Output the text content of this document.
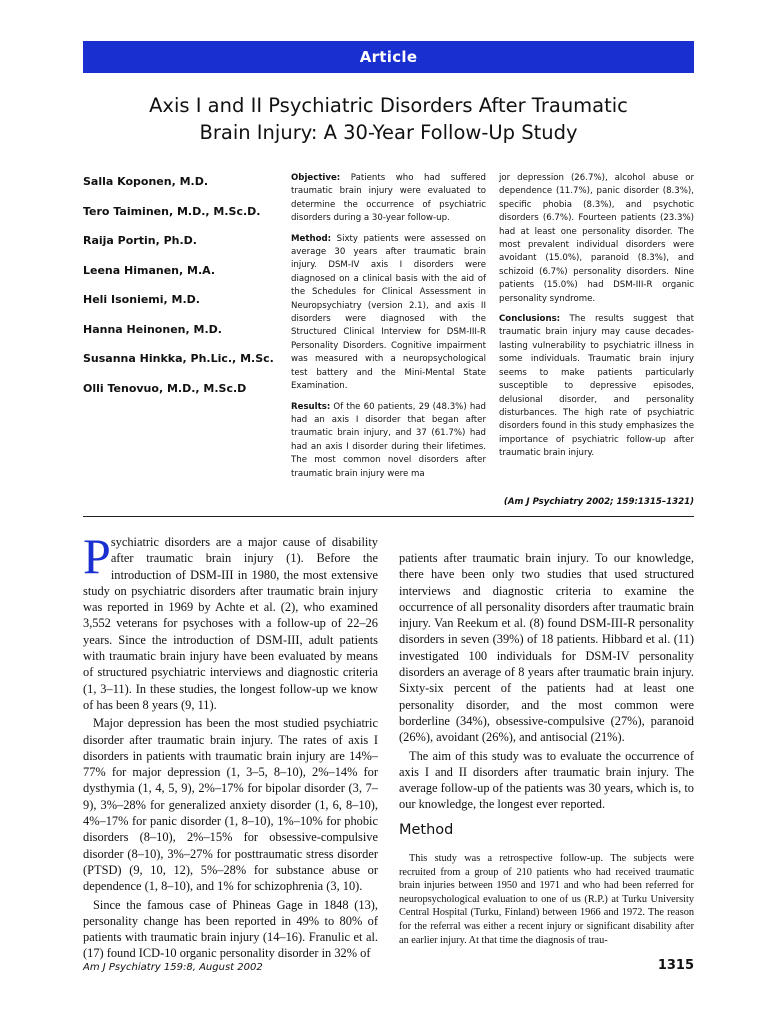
Article
Axis I and II Psychiatric Disorders After Traumatic
Brain Injury: A 30-Year Follow-Up Study
Salla Koponen, M.D.
Tero Taiminen, M.D., M.Sc.D.
Raija Portin, Ph.D.
Leena Himanen, M.A.
Heli Isoniemi, M.D.
Hanna Heinonen, M.D.
Susanna Hinkka, Ph.Lic., M.Sc.
Olli Tenovuo, M.D., M.Sc.D

Objective: Patients who had suffered traumatic brain injury were evaluated to determine the occurrence of psychiatric disorders during a 30-year follow-up.

Method: Sixty patients were assessed on average 30 years after traumatic brain injury. DSM-IV axis I disorders were diagnosed on a clinical basis with the aid of the Schedules for Clinical Assessment in Neuropsychiatry (version 2.1), and axis II disorders were diagnosed with the Structured Clinical Interview for DSM-III-R Personality Disorders. Cognitive impairment was measured with a neuropsychological test battery and the Mini-Mental State Examination.

Results: Of the 60 patients, 29 (48.3%) had had an axis I disorder that began after traumatic brain injury, and 37 (61.7%) had had an axis I disorder during their lifetimes. The most common novel disorders after traumatic brain injury were ma

jor depression (26.7%), alcohol abuse or dependence (11.7%), panic disorder (8.3%), specific phobia (8.3%), and psychotic disorders (6.7%). Fourteen patients (23.3%) had at least one personality disorder. The most prevalent individual disorders were avoidant (15.0%), paranoid (8.3%), and schizoid (6.7%) personality disorders. Nine patients (15.0%) had DSM-III-R organic personality syndrome.

Conclusions: The results suggest that traumatic brain injury may cause decades-lasting vulnerability to psychiatric illness in some individuals. Traumatic brain injury seems to make patients particularly susceptible to depressive episodes, delusional disorder, and personality disturbances. The high rate of psychiatric disorders found in this study emphasizes the importance of psychiatric follow-up after traumatic brain injury.

(Am J Psychiatry 2002; 159:1315–1321)

Psychiatric disorders are a major cause of disability after traumatic brain injury (1). Before the introduction of DSM-III in 1980, the most extensive study on psychiatric disorders after traumatic brain injury was reported in 1969 by Achte et al. (2), who examined 3,552 veterans for psychoses with a follow-up of 22–26 years. Since the introduction of DSM-III, adult patients with traumatic brain injury have been evaluated by means of structured psychiatric interviews and diagnostic criteria (1, 3–11). In these studies, the longest follow-up we know of has been 8 years (9, 11).

Major depression has been the most studied psychiatric disorder after traumatic brain injury. The rates of axis I disorders in patients with traumatic brain injury are 14%–77% for major depression (1, 3–5, 8–10), 2%–14% for dysthymia (1, 4, 5, 9), 2%–17% for bipolar disorder (3, 7–9), 3%–28% for generalized anxiety disorder (1, 6, 8–10), 4%–17% for panic disorder (1, 8–10), 1%–10% for phobic disorders (8–10), 2%–15% for obsessive-compulsive disorder (8–10), 3%–27% for posttraumatic stress disorder (PTSD) (9, 10, 12), 5%–28% for substance abuse or dependence (1, 8–10), and 1% for schizophrenia (3, 10).

Since the famous case of Phineas Gage in 1848 (13), personality change has been reported in 49% to 80% of patients with traumatic brain injury (14–16). Franulic et al. (17) found ICD-10 organic personality disorder in 32% of

patients after traumatic brain injury. To our knowledge, there have been only two studies that used structured interviews and diagnostic criteria to examine the occurrence of all personality disorders after traumatic brain injury. Van Reekum et al. (8) found DSM-III-R personality disorders in seven (39%) of 18 patients. Hibbard et al. (11) investigated 100 individuals for DSM-IV personality disorders an average of 8 years after traumatic brain injury. Sixty-six percent of the patients had at least one personality disorder, and the most common were borderline (34%), obsessive-compulsive (27%), paranoid (26%), avoidant (26%), and antisocial (21%).

The aim of this study was to evaluate the occurrence of axis I and II disorders after traumatic brain injury. The average follow-up of the patients was 30 years, which is, to our knowledge, the longest ever reported.

Method

This study was a retrospective follow-up. The subjects were recruited from a group of 210 patients who had received traumatic brain injuries between 1950 and 1971 and who had been referred for neuropsychological evaluation to one of us (R.P.) at Turku University Central Hospital (Turku, Finland) between 1966 and 1972. The reason for the referral was either a recent injury or significant disability after an earlier injury. At that time the diagnosis of trau-

Am J Psychiatry 159:8, August 2002	1315
